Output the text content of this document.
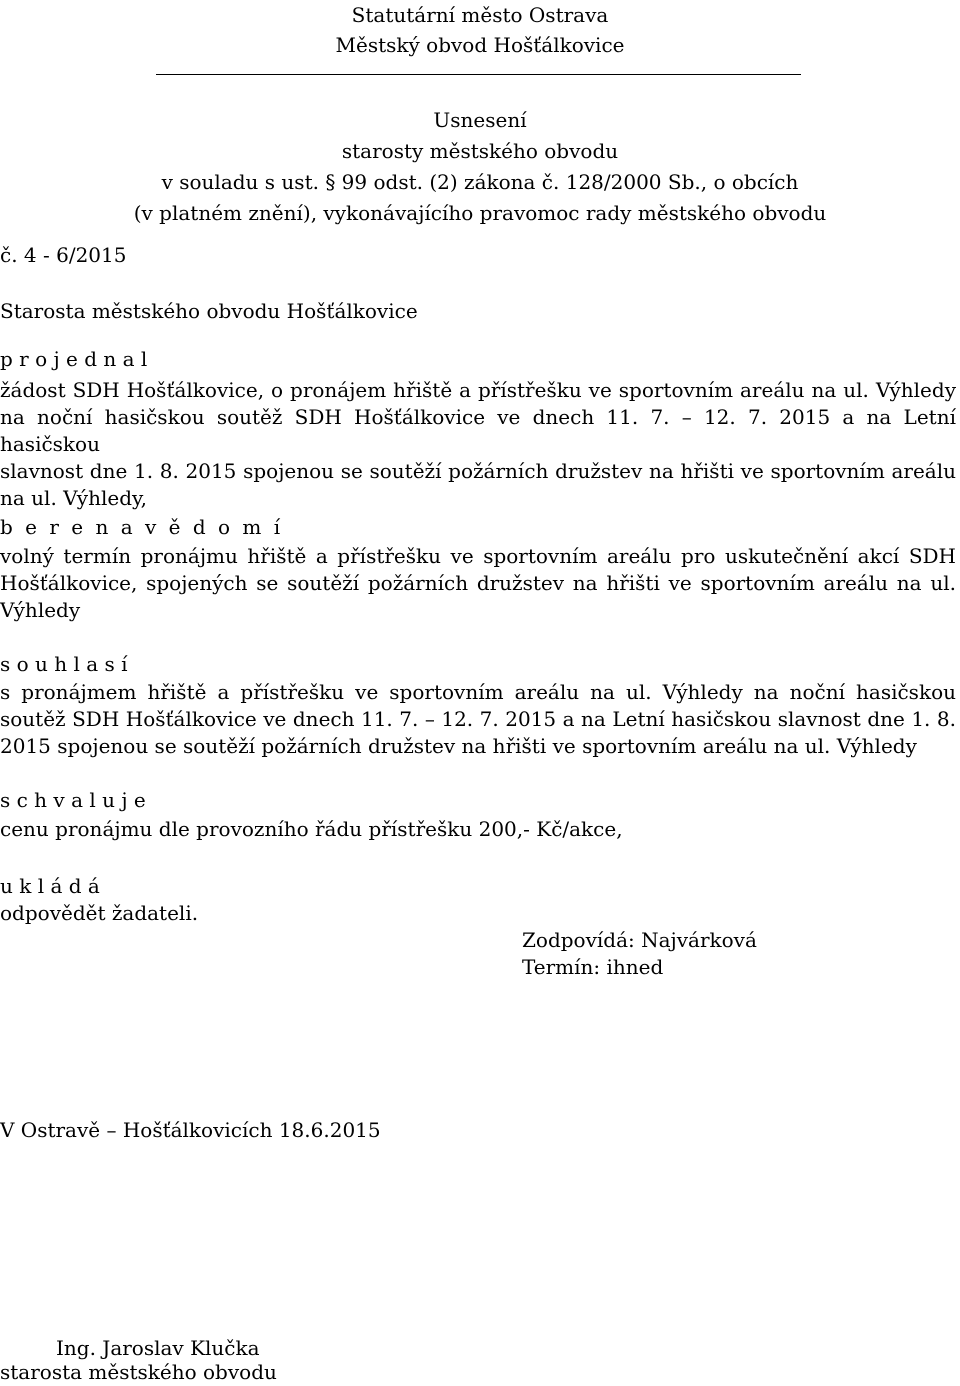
Statutární město Ostrava
Městský obvod Hošťálkovice
Usnesení
starosty městského obvodu
v souladu s ust. § 99 odst. (2) zákona č. 128/2000 Sb., o obcích
(v platném znění), vykonávajícího pravomoc rady městského obvodu
č. 4 - 6/2015
Starosta městského obvodu Hošťálkovice
p r o j e d n a l
žádost SDH Hošťálkovice, o pronájem hřiště a přístřešku ve sportovním areálu na ul. Výhledy
na noční hasičskou soutěž SDH Hošťálkovice ve dnech 11. 7. – 12. 7. 2015 a na Letní hasičskou
slavnost dne 1. 8. 2015 spojenou se soutěží požárních družstev na hřišti ve sportovním areálu
na ul. Výhledy,
b e r e n a v ě d o m í
volný termín pronájmu hřiště a přístřešku ve sportovním areálu pro uskutečnění akcí SDH
Hošťálkovice, spojených se soutěží požárních družstev na hřišti ve sportovním areálu na ul.
Výhledy
s o u h l a s í
s pronájmem hřiště a přístřešku ve sportovním areálu na ul. Výhledy na noční hasičskou
soutěž SDH Hošťálkovice ve dnech 11. 7. – 12. 7. 2015 a na Letní hasičskou slavnost dne 1. 8.
2015 spojenou se soutěží požárních družstev na hřišti ve sportovním areálu na ul. Výhledy
s c h v a l u j e
cenu pronájmu dle provozního řádu přístřešku 200,- Kč/akce,
u k l á d á
odpovědět žadateli.
Zodpovídá: Najvárková
Termín: ihned
V Ostravě – Hošťálkovicích 18.6.2015
Ing. Jaroslav Klučka
starosta městského obvodu
